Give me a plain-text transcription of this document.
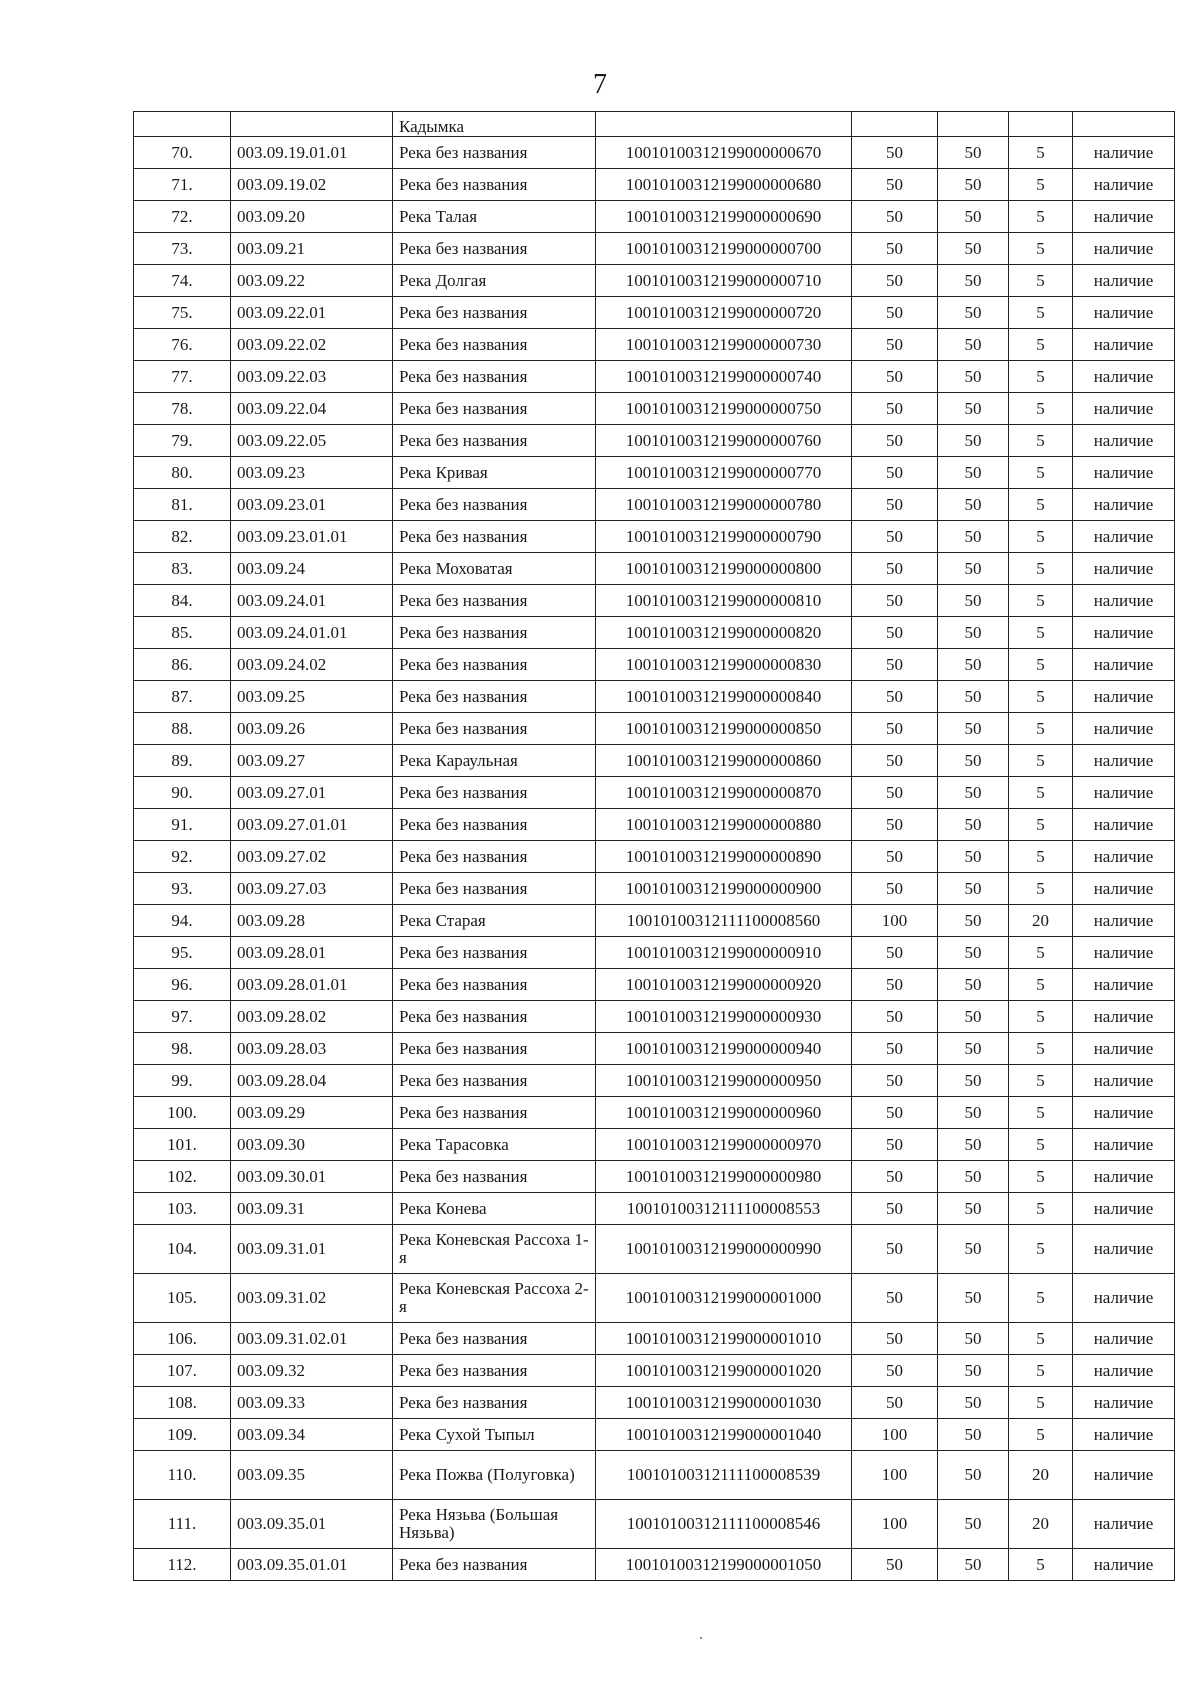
7
		Кадымка					
70.	003.09.19.01.01	Река без названия	10010100312199000000670	50	50	5	наличие
71.	003.09.19.02	Река без названия	10010100312199000000680	50	50	5	наличие
72.	003.09.20	Река Талая	10010100312199000000690	50	50	5	наличие
73.	003.09.21	Река без названия	10010100312199000000700	50	50	5	наличие
74.	003.09.22	Река Долгая	10010100312199000000710	50	50	5	наличие
75.	003.09.22.01	Река без названия	10010100312199000000720	50	50	5	наличие
76.	003.09.22.02	Река без названия	10010100312199000000730	50	50	5	наличие
77.	003.09.22.03	Река без названия	10010100312199000000740	50	50	5	наличие
78.	003.09.22.04	Река без названия	10010100312199000000750	50	50	5	наличие
79.	003.09.22.05	Река без названия	10010100312199000000760	50	50	5	наличие
80.	003.09.23	Река Кривая	10010100312199000000770	50	50	5	наличие
81.	003.09.23.01	Река без названия	10010100312199000000780	50	50	5	наличие
82.	003.09.23.01.01	Река без названия	10010100312199000000790	50	50	5	наличие
83.	003.09.24	Река Моховатая	10010100312199000000800	50	50	5	наличие
84.	003.09.24.01	Река без названия	10010100312199000000810	50	50	5	наличие
85.	003.09.24.01.01	Река без названия	10010100312199000000820	50	50	5	наличие
86.	003.09.24.02	Река без названия	10010100312199000000830	50	50	5	наличие
87.	003.09.25	Река без названия	10010100312199000000840	50	50	5	наличие
88.	003.09.26	Река без названия	10010100312199000000850	50	50	5	наличие
89.	003.09.27	Река Караульная	10010100312199000000860	50	50	5	наличие
90.	003.09.27.01	Река без названия	10010100312199000000870	50	50	5	наличие
91.	003.09.27.01.01	Река без названия	10010100312199000000880	50	50	5	наличие
92.	003.09.27.02	Река без названия	10010100312199000000890	50	50	5	наличие
93.	003.09.27.03	Река без названия	10010100312199000000900	50	50	5	наличие
94.	003.09.28	Река Старая	10010100312111100008560	100	50	20	наличие
95.	003.09.28.01	Река без названия	10010100312199000000910	50	50	5	наличие
96.	003.09.28.01.01	Река без названия	10010100312199000000920	50	50	5	наличие
97.	003.09.28.02	Река без названия	10010100312199000000930	50	50	5	наличие
98.	003.09.28.03	Река без названия	10010100312199000000940	50	50	5	наличие
99.	003.09.28.04	Река без названия	10010100312199000000950	50	50	5	наличие
100.	003.09.29	Река без названия	10010100312199000000960	50	50	5	наличие
101.	003.09.30	Река Тарасовка	10010100312199000000970	50	50	5	наличие
102.	003.09.30.01	Река без названия	10010100312199000000980	50	50	5	наличие
103.	003.09.31	Река Конева	10010100312111100008553	50	50	5	наличие
104.	003.09.31.01	Река Коневская Рассоха 1-я	10010100312199000000990	50	50	5	наличие
105.	003.09.31.02	Река Коневская Рассоха 2-я	10010100312199000001000	50	50	5	наличие
106.	003.09.31.02.01	Река без названия	10010100312199000001010	50	50	5	наличие
107.	003.09.32	Река без названия	10010100312199000001020	50	50	5	наличие
108.	003.09.33	Река без названия	10010100312199000001030	50	50	5	наличие
109.	003.09.34	Река Сухой Тыпыл	10010100312199000001040	100	50	5	наличие
110.	003.09.35	Река Пожва (Полуговка)	10010100312111100008539	100	50	20	наличие
111.	003.09.35.01	Река Нязьва (Большая Нязьва)	10010100312111100008546	100	50	20	наличие
112.	003.09.35.01.01	Река без названия	10010100312199000001050	50	50	5	наличие
